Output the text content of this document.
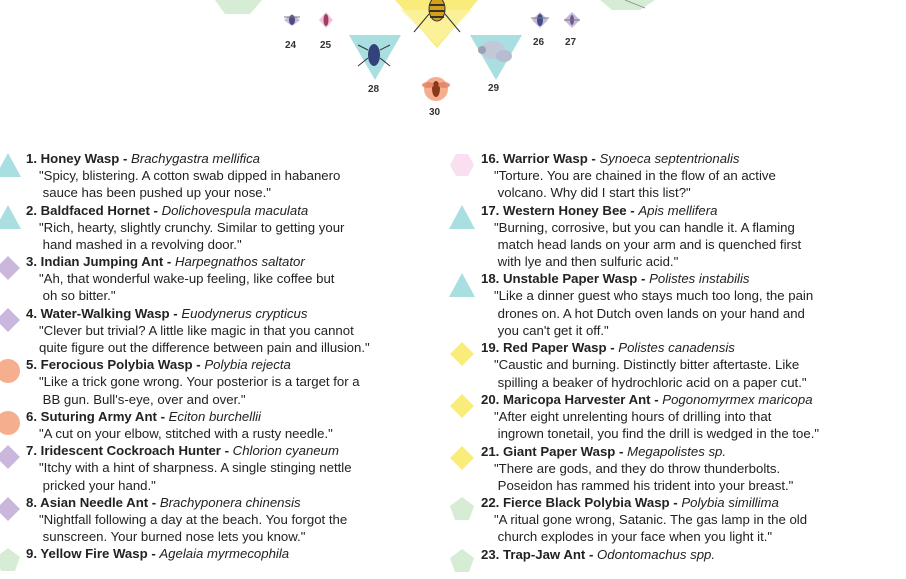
24 25	26 27
28	29
30
1. Honey Wasp - Brachygastra mellifica
"Spicy, blistering. A cotton swab dipped in habanero
sauce has been pushed up your nose."
2. Baldfaced Hornet - Dolichovespula maculata
"Rich, hearty, slightly crunchy. Similar to getting your
hand mashed in a revolving door."
3. Indian Jumping Ant - Harpegnathos saltator
"Ah, that wonderful wake-up feeling, like coffee but
oh so bitter."
4. Water-Walking Wasp - Euodynerus crypticus
"Clever but trivial? A little like magic in that you cannot
quite figure out the difference between pain and illusion."
5. Ferocious Polybia Wasp - Polybia rejecta
"Like a trick gone wrong. Your posterior is a target for a
BB gun. Bull's-eye, over and over."
6. Suturing Army Ant - Eciton burchellii
"A cut on your elbow, stitched with a rusty needle."
7. Iridescent Cockroach Hunter - Chlorion cyaneum
"Itchy with a hint of sharpness. A single stinging nettle
pricked your hand."
8. Asian Needle Ant - Brachyponera chinensis
"Nightfall following a day at the beach. You forgot the
sunscreen. Your burned nose lets you know."
9. Yellow Fire Wasp - Agelaia myrmecophila
16. Warrior Wasp - Synoeca septentrionalis
"Torture. You are chained in the flow of an active
volcano. Why did I start this list?"
17. Western Honey Bee - Apis mellifera
"Burning, corrosive, but you can handle it. A flaming
match head lands on your arm and is quenched first
with lye and then sulfuric acid."
18. Unstable Paper Wasp - Polistes instabilis
"Like a dinner guest who stays much too long, the pain
drones on. A hot Dutch oven lands on your hand and
you can't get it off."
19. Red Paper Wasp - Polistes canadensis
"Caustic and burning. Distinctly bitter aftertaste. Like
spilling a beaker of hydrochloric acid on a paper cut."
20. Maricopa Harvester Ant - Pogonomyrmex maricopa
"After eight unrelenting hours of drilling into that
ingrown tonetail, you find the drill is wedged in the toe."
21. Giant Paper Wasp - Megapolistes sp.
"There are gods, and they do throw thunderbolts.
Poseidon has rammed his trident into your breast."
22. Fierce Black Polybia Wasp - Polybia simillima
"A ritual gone wrong, Satanic. The gas lamp in the old
church explodes in your face when you light it."
23. Trap-Jaw Ant - Odontomachus spp.
